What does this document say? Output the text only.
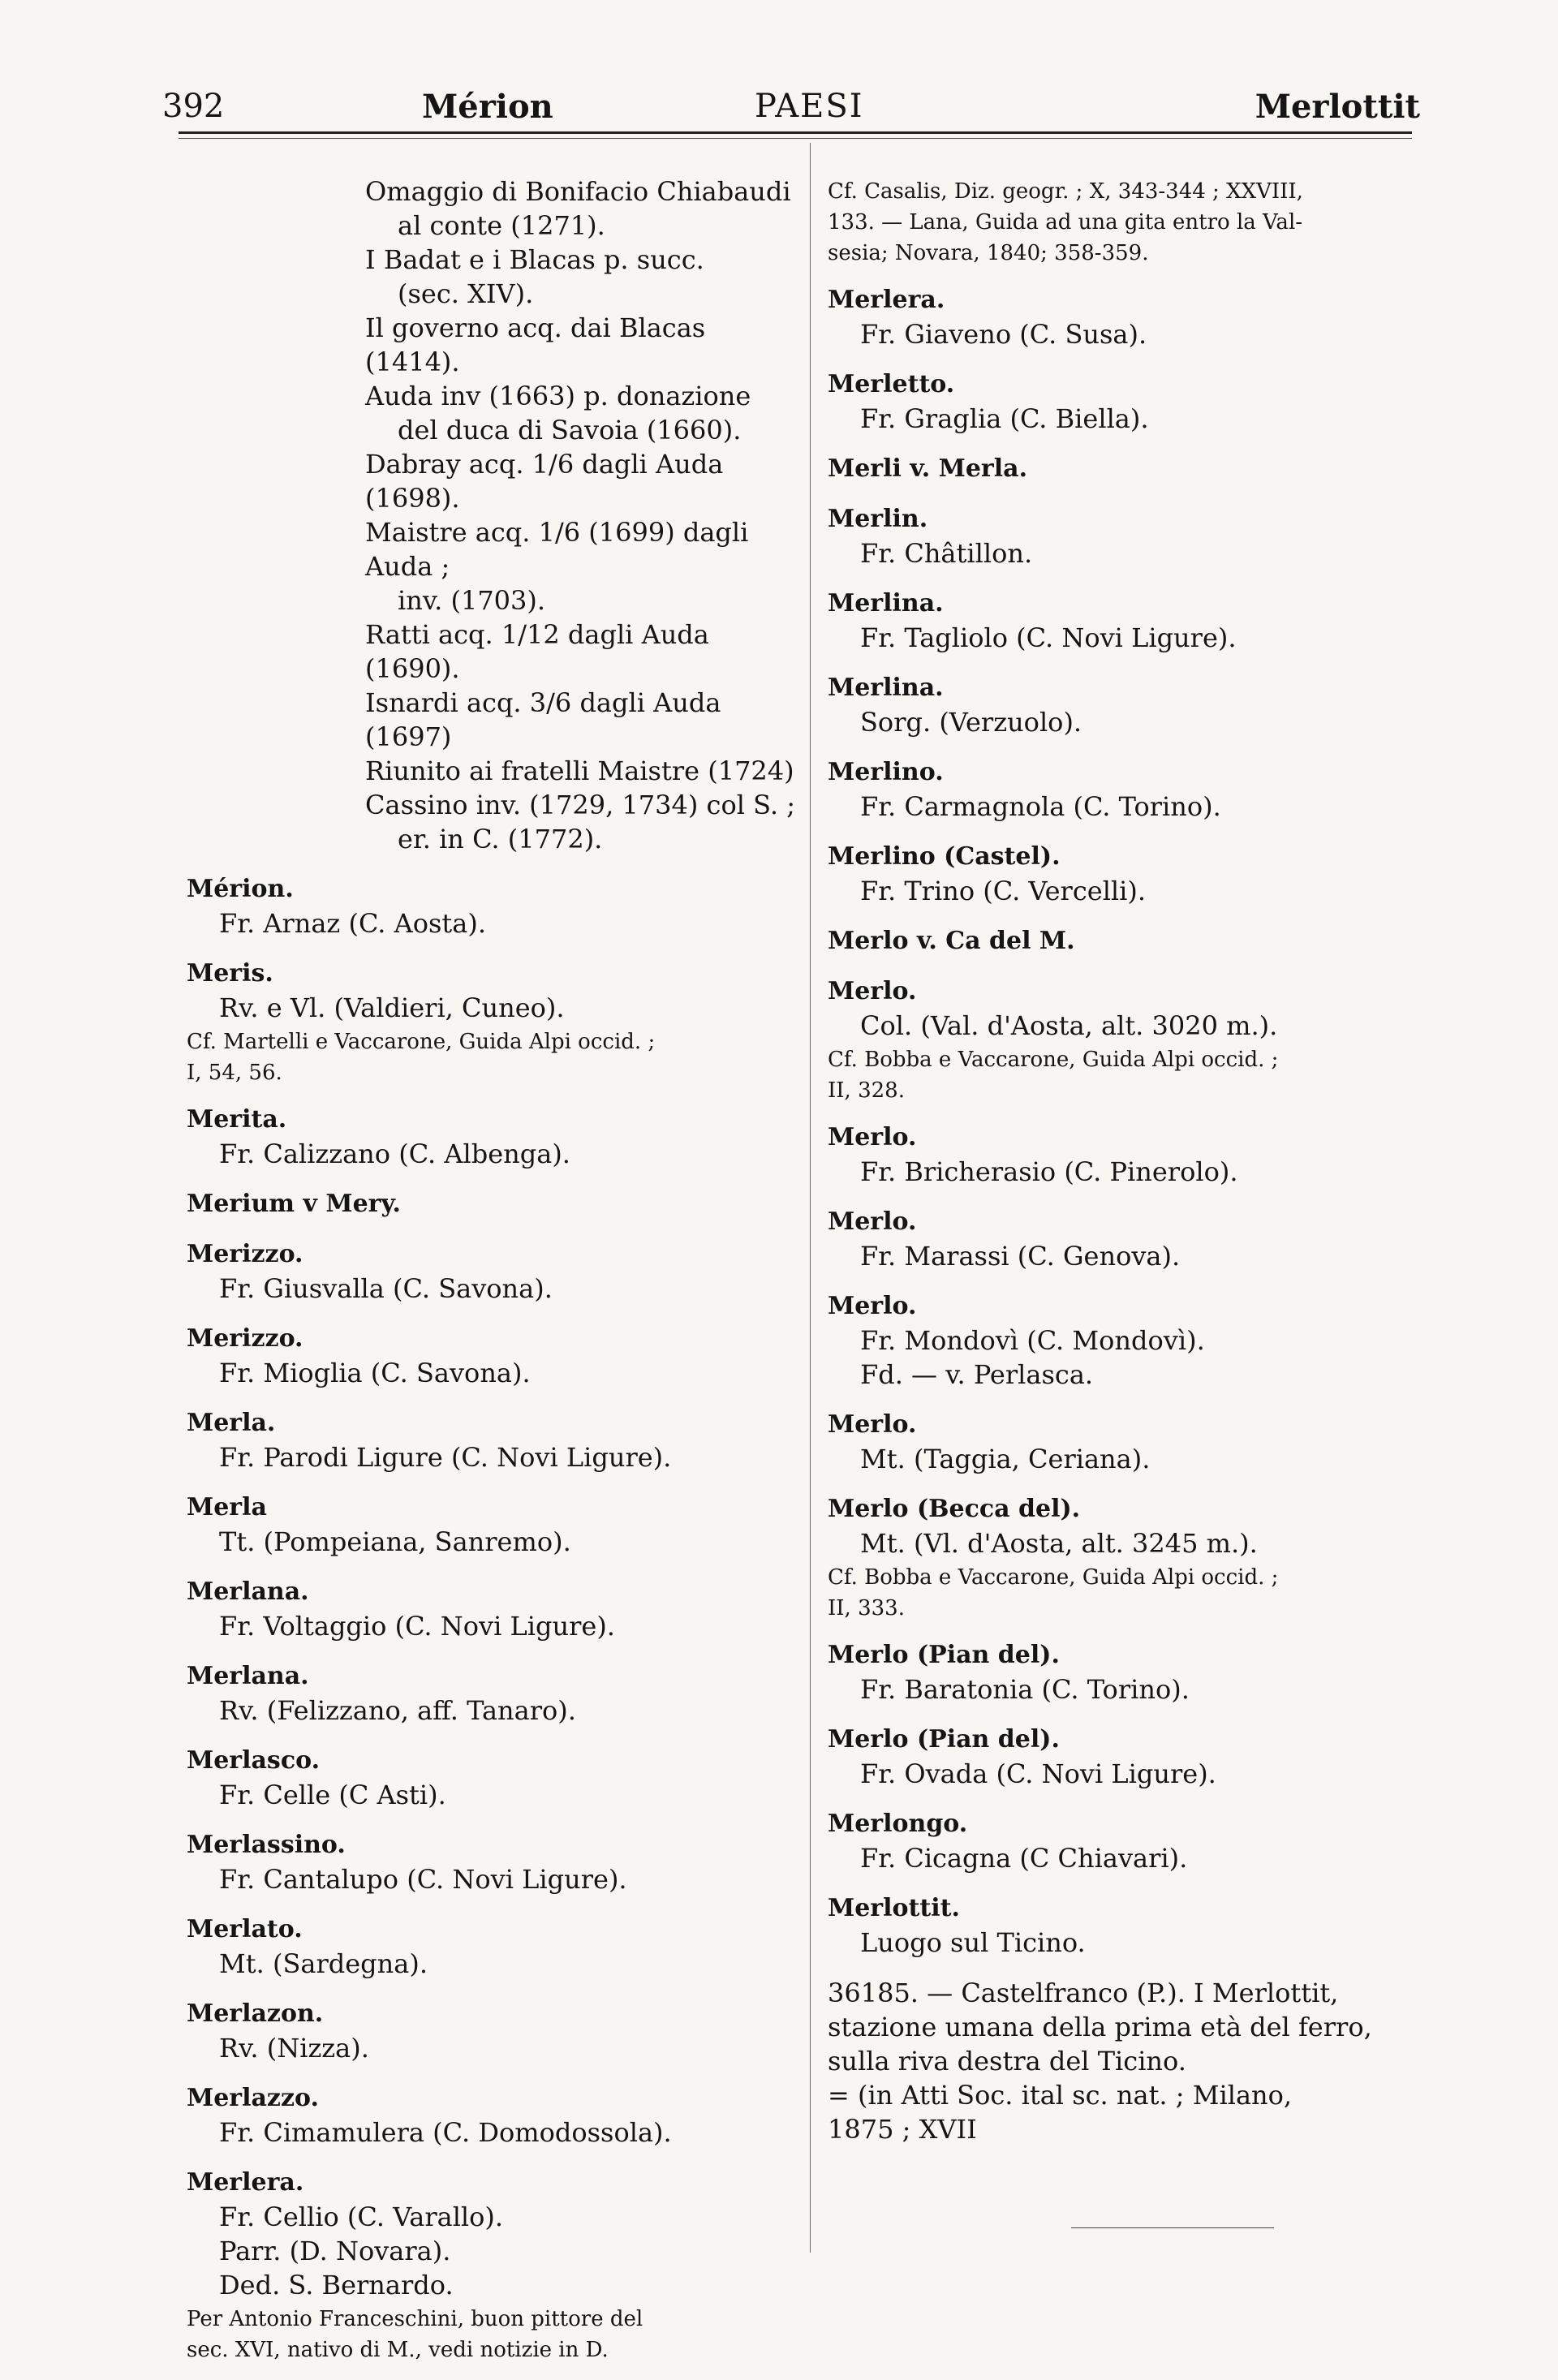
392	Mérion	PAESI	Merlottit
Omaggio di Bonifacio Chiabaudi
al conte (1271).
I Badat e i Blacas p. succ.
(sec. XIV).
Il governo acq. dai Blacas (1414).
Auda inv (1663) p. donazione
del duca di Savoia (1660).
Dabray acq. 1/6 dagli Auda (1698).
Maistre acq. 1/6 (1699) dagli Auda ;
inv. (1703).
Ratti acq. 1/12 dagli Auda (1690).
Isnardi acq. 3/6 dagli Auda (1697)
Riunito ai fratelli Maistre (1724)
Cassino inv. (1729, 1734) col S. ;
er. in C. (1772).
Mérion.
Fr. Arnaz (C. Aosta).
Meris.
Rv. e Vl. (Valdieri, Cuneo).
Cf. Martelli e Vaccarone, Guida Alpi occid. ;
I, 54, 56.
Merita.
Fr. Calizzano (C. Albenga).
Merium v Mery.
Merizzo.
Fr. Giusvalla (C. Savona).
Merizzo.
Fr. Mioglia (C. Savona).
Merla.
Fr. Parodi Ligure (C. Novi Ligure).
Merla
Tt. (Pompeiana, Sanremo).
Merlana.
Fr. Voltaggio (C. Novi Ligure).
Merlana.
Rv. (Felizzano, aff. Tanaro).
Merlasco.
Fr. Celle (C Asti).
Merlassino.
Fr. Cantalupo (C. Novi Ligure).
Merlato.
Mt. (Sardegna).
Merlazon.
Rv. (Nizza).
Merlazzo.
Fr. Cimamulera (C. Domodossola).
Merlera.
Fr. Cellio (C. Varallo).
Parr. (D. Novara).
Ded. S. Bernardo.
Per Antonio Franceschini, buon pittore del
sec. XVI, nativo di M., vedi notizie in D.
Cf. Casalis, Diz. geogr. ; X, 343-344 ; XXVIII,
133. — Lana, Guida ad una gita entro la Val-
sesia; Novara, 1840; 358-359.
Merlera.
Fr. Giaveno (C. Susa).
Merletto.
Fr. Graglia (C. Biella).
Merli v. Merla.
Merlin.
Fr. Châtillon.
Merlina.
Fr. Tagliolo (C. Novi Ligure).
Merlina.
Sorg. (Verzuolo).
Merlino.
Fr. Carmagnola (C. Torino).
Merlino (Castel).
Fr. Trino (C. Vercelli).
Merlo v. Ca del M.
Merlo.
Col. (Val. d'Aosta, alt. 3020 m.).
Cf. Bobba e Vaccarone, Guida Alpi occid. ;
II, 328.
Merlo.
Fr. Bricherasio (C. Pinerolo).
Merlo.
Fr. Marassi (C. Genova).
Merlo.
Fr. Mondovì (C. Mondovì).
Fd. — v. Perlasca.
Merlo.
Mt. (Taggia, Ceriana).
Merlo (Becca del).
Mt. (Vl. d'Aosta, alt. 3245 m.).
Cf. Bobba e Vaccarone, Guida Alpi occid. ;
II, 333.
Merlo (Pian del).
Fr. Baratonia (C. Torino).
Merlo (Pian del).
Fr. Ovada (C. Novi Ligure).
Merlongo.
Fr. Cicagna (C Chiavari).
Merlottit.
Luogo sul Ticino.
36185. — Castelfranco (P.). I Merlottit,
stazione umana della prima età del ferro,
sulla riva destra del Ticino.
= (in Atti Soc. ital sc. nat. ; Milano,
1875 ; XVII
